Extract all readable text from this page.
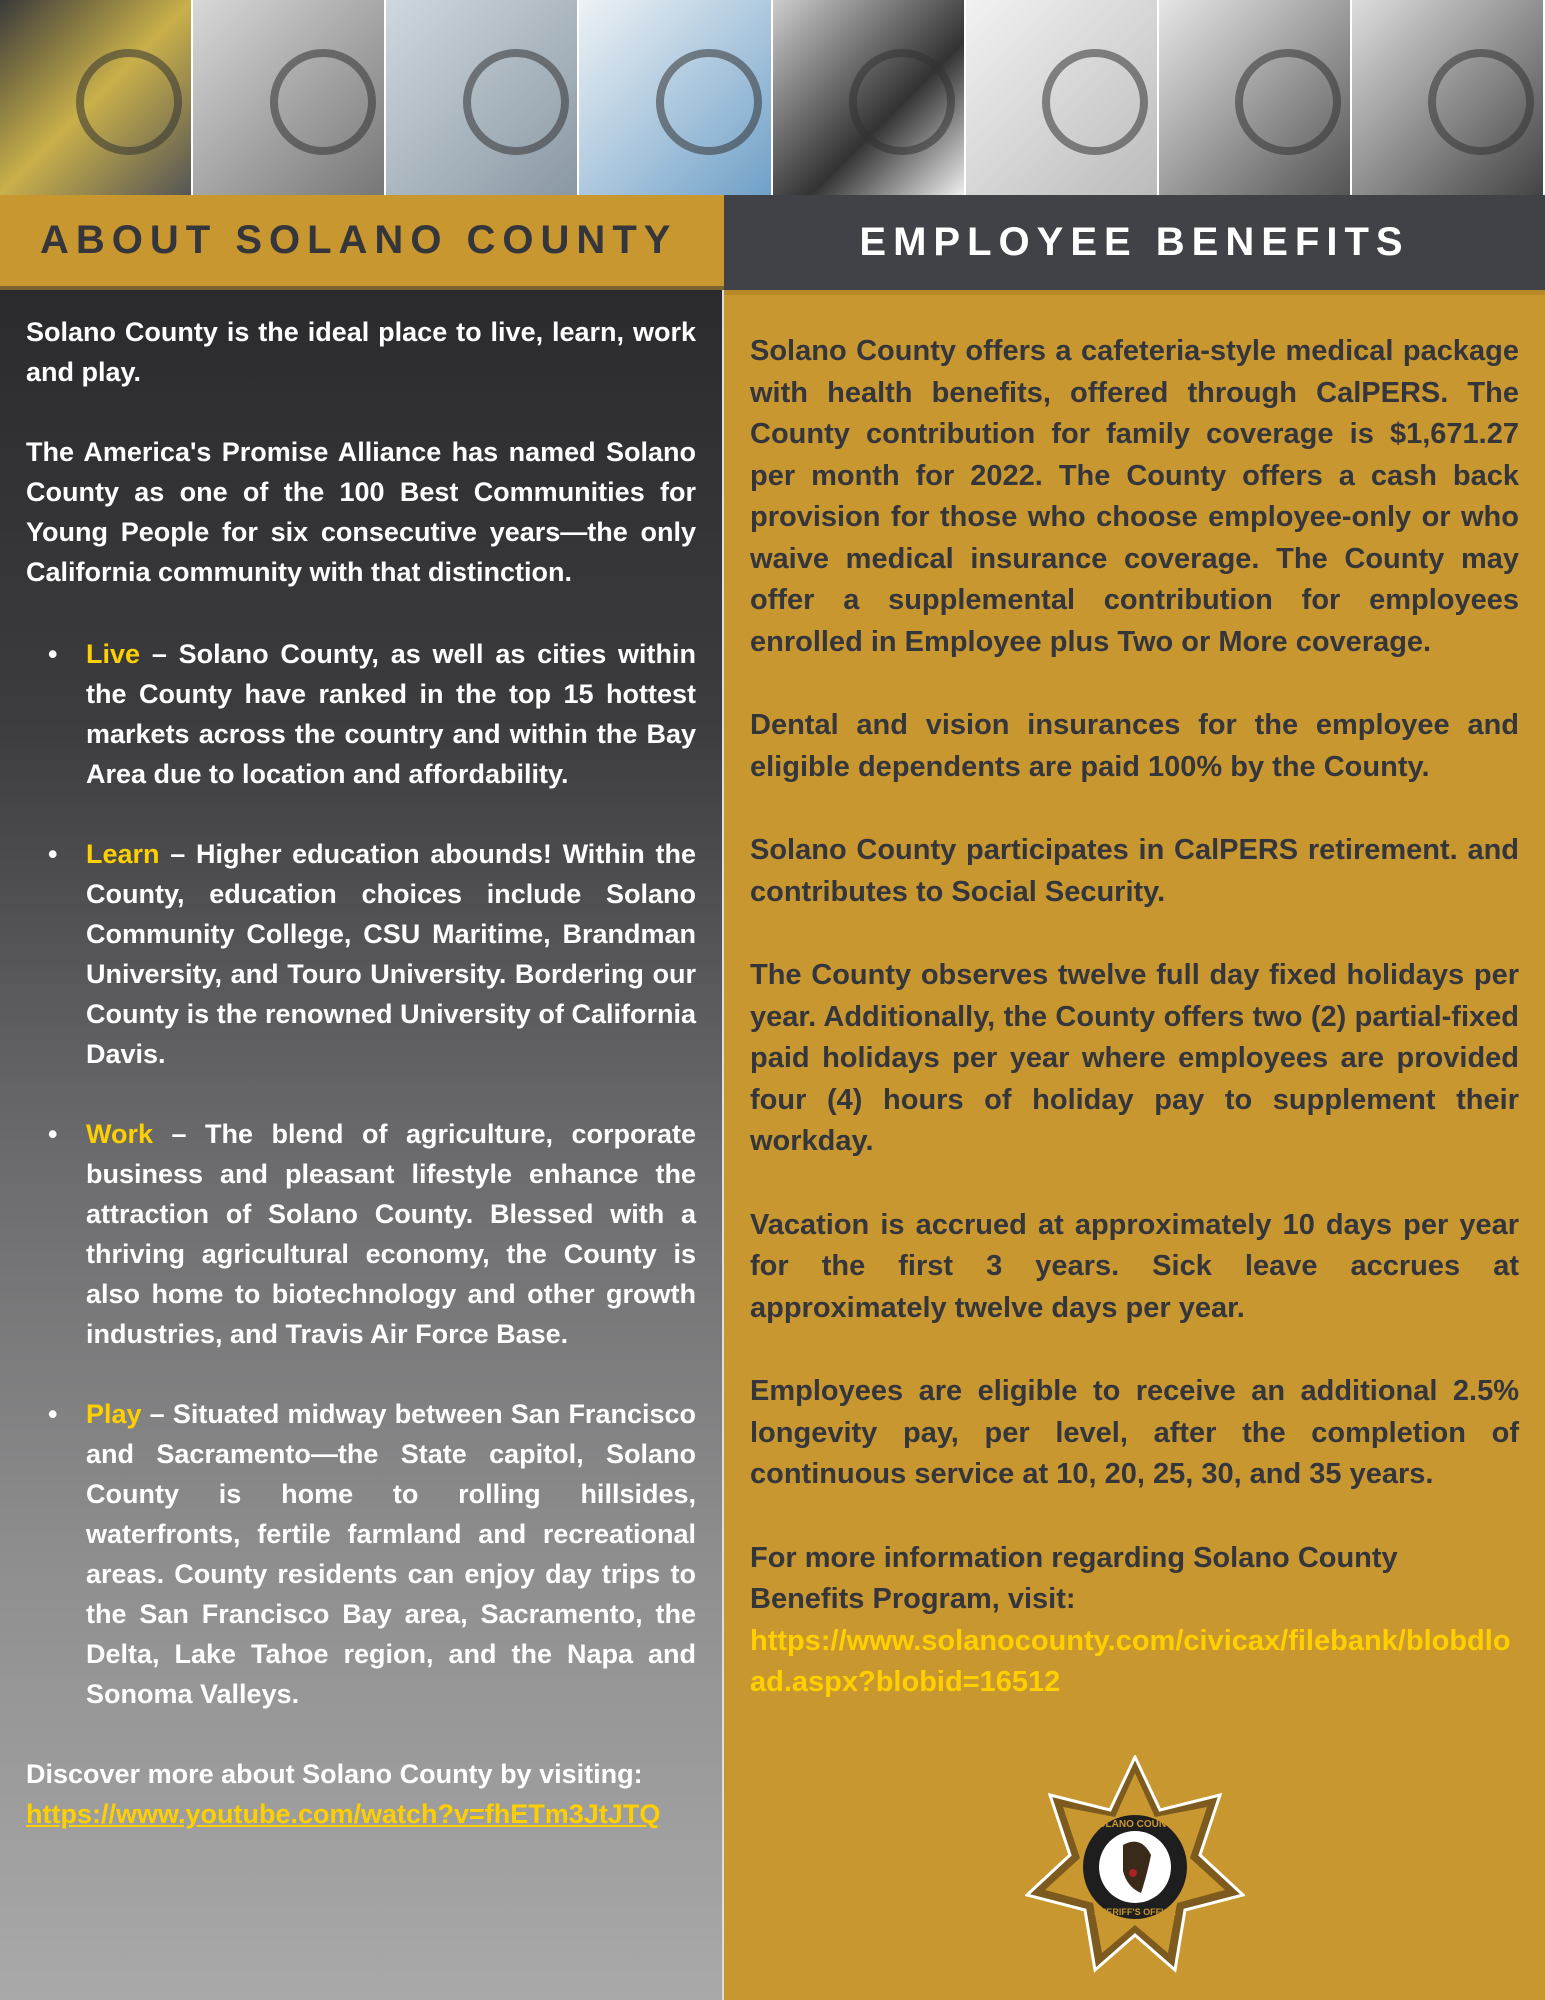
ABOUT SOLANO COUNTY	EMPLOYEE BENEFITS

Solano County is the ideal place to live, learn, work and play.

The America's Promise Alliance has named Solano County as one of the 100 Best Communities for Young People for six consecutive years—the only California community with that distinction.

• Live – Solano County, as well as cities within the County have ranked in the top 15 hottest markets across the country and within the Bay Area due to location and affordability.
• Learn – Higher education abounds! Within the County, education choices include Solano Community College, CSU Maritime, Brandman University, and Touro University. Bordering our County is the renowned University of California Davis.
• Work – The blend of agriculture, corporate business and pleasant lifestyle enhance the attraction of Solano County. Blessed with a thriving agricultural economy, the County is also home to biotechnology and other growth industries, and Travis Air Force Base.
• Play – Situated midway between San Francisco and Sacramento—the State capitol, Solano County is home to rolling hillsides, waterfronts, fertile farmland and recreational areas. County residents can enjoy day trips to the San Francisco Bay area, Sacramento, the Delta, Lake Tahoe region, and the Napa and Sonoma Valleys.
Discover more about Solano County by visiting:
https://www.youtube.com/watch?v=fhETm3JtJTQ

Solano County offers a cafeteria-style medical package with health benefits, offered through CalPERS. The County contribution for family coverage is $1,671.27 per month for 2022. The County offers a cash back provision for those who choose employee-only or who waive medical insurance coverage. The County may offer a supplemental contribution for employees enrolled in Employee plus Two or More coverage.

Dental and vision insurances for the employee and eligible dependents are paid 100% by the County.

Solano County participates in CalPERS retirement. and contributes to Social Security.

The County observes twelve full day fixed holidays per year. Additionally, the County offers two (2) partial-fixed paid holidays per year where employees are provided four (4) hours of holiday pay to supplement their workday.

Vacation is accrued at approximately 10 days per year for the first 3 years. Sick leave accrues at approximately twelve days per year.

Employees are eligible to receive an additional 2.5% longevity pay, per level, after the completion of continuous service at 10, 20, 25, 30, and 35 years.

For more information regarding Solano County Benefits Program, visit:
https://www.solanocounty.com/civicax/filebank/blobdload.aspx?blobid=16512
SOLANO COUNTY
SHERIFF'S OFFICE
